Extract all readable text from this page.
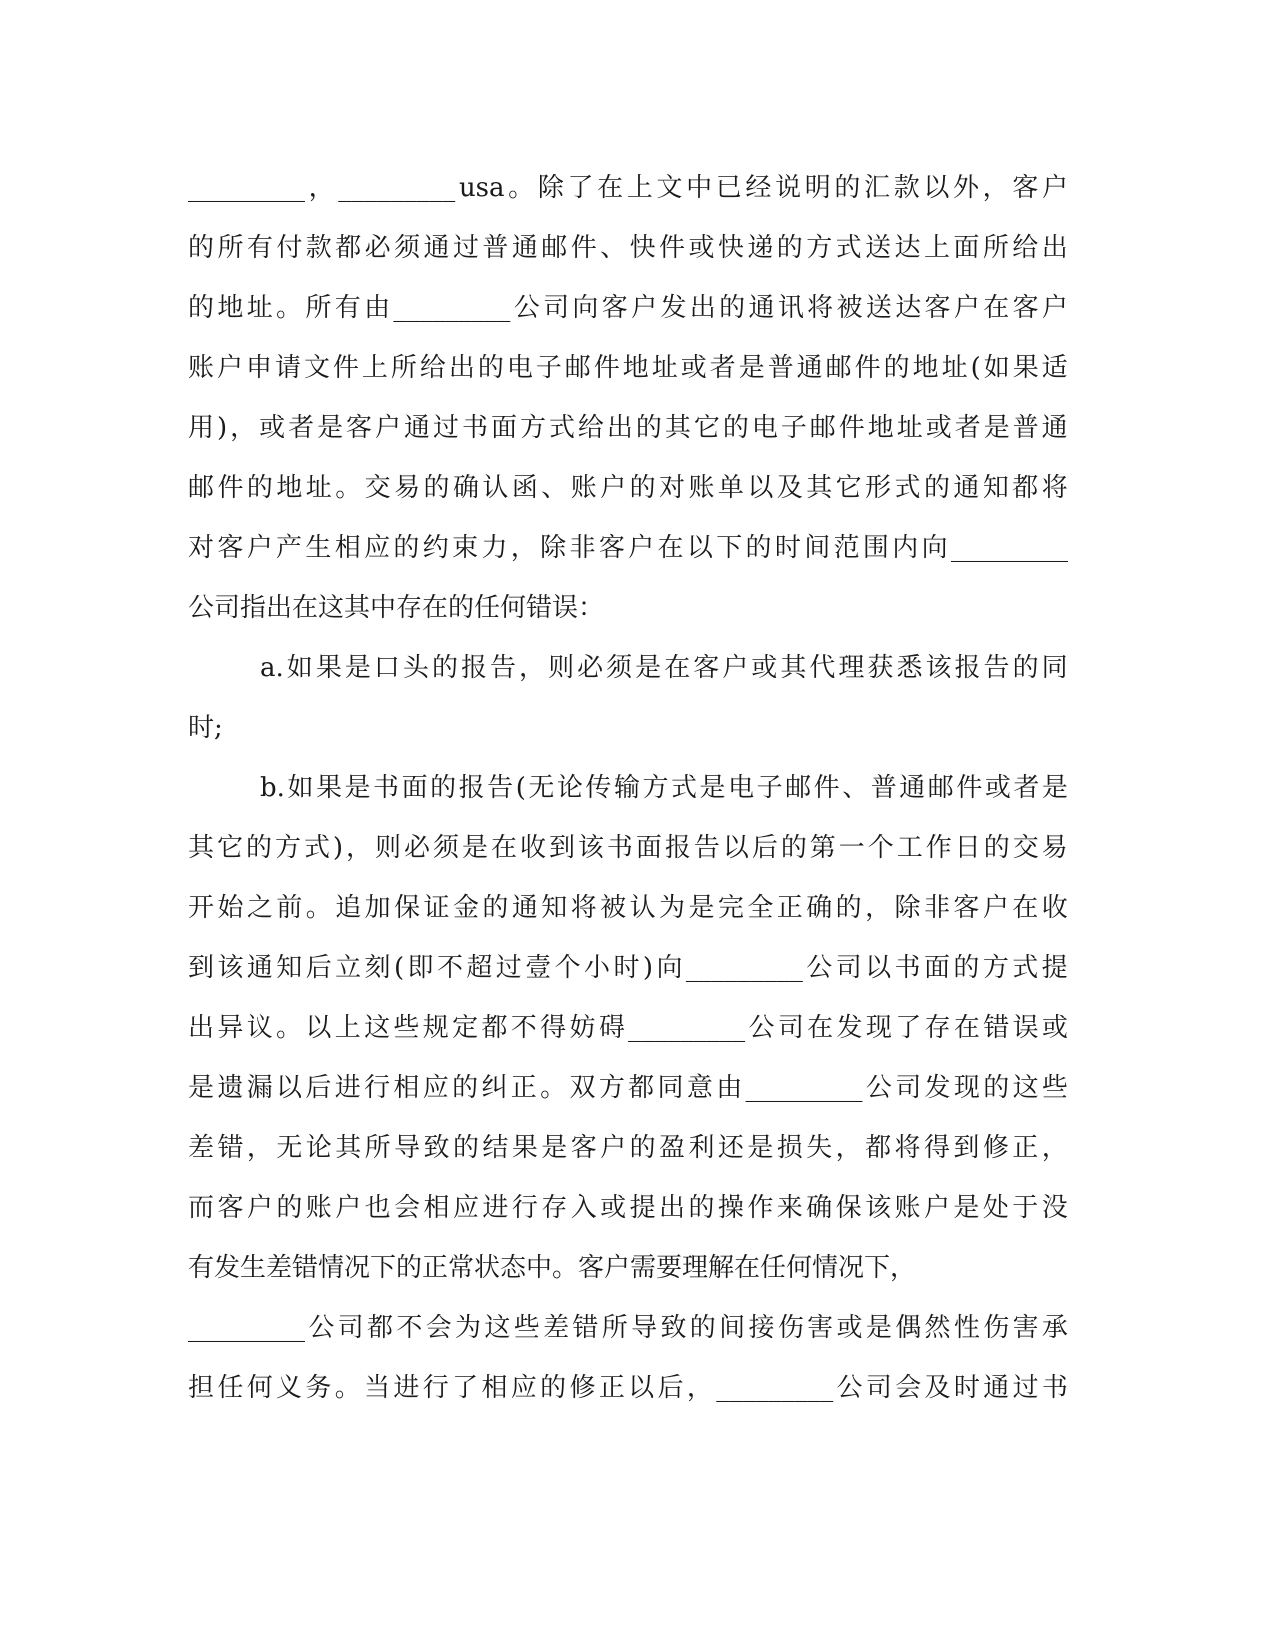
_________ ， _________ usa 。 除 了 在 上 文 中 已 经 说 明 的 汇 款 以 外 ， 客 户
的 所 有 付 款 都 必 须 通 过 普 通 邮 件 、 快 件 或 快 递 的 方 式 送 达 上 面 所 给 出
的 地 址 。 所 有 由 _________ 公 司 向 客 户 发 出 的 通 讯 将 被 送 达 客 户 在 客 户
账 户 申 请 文 件 上 所 给 出 的 电 子 邮 件 地 址 或 者 是 普 通 邮 件 的 地 址 ( 如 果 适
用 ) ， 或 者 是 客 户 通 过 书 面 方 式 给 出 的 其 它 的 电 子 邮 件 地 址 或 者 是 普 通
邮 件 的 地 址 。 交 易 的 确 认 函 、 账 户 的 对 账 单 以 及 其 它 形 式 的 通 知 都 将
对 客 户 产 生 相 应 的 约 束 力 ， 除 非 客 户 在 以 下 的 时 间 范 围 内 向 _________
公司指出在这其中存在的任何错误：
a. 如 果 是 口 头 的 报 告 ， 则 必 须 是 在 客 户 或 其 代 理 获 悉 该 报 告 的 同
时;
b. 如 果 是 书 面 的 报 告 ( 无 论 传 输 方 式 是 电 子 邮 件 、 普 通 邮 件 或 者 是
其 它 的 方 式 ) ， 则 必 须 是 在 收 到 该 书 面 报 告 以 后 的 第 一 个 工 作 日 的 交 易
开 始 之 前 。 追 加 保 证 金 的 通 知 将 被 认 为 是 完 全 正 确 的 ， 除 非 客 户 在 收
到 该 通 知 后 立 刻 ( 即 不 超 过 壹 个 小 时 ) 向 _________ 公 司 以 书 面 的 方 式 提
出 异 议 。 以 上 这 些 规 定 都 不 得 妨 碍 _________ 公 司 在 发 现 了 存 在 错 误 或
是 遗 漏 以 后 进 行 相 应 的 纠 正 。 双 方 都 同 意 由 _________ 公 司 发 现 的 这 些
差 错 ， 无 论 其 所 导 致 的 结 果 是 客 户 的 盈 利 还 是 损 失 ， 都 将 得 到 修 正 ，
而 客 户 的 账 户 也 会 相 应 进 行 存 入 或 提 出 的 操 作 来 确 保 该 账 户 是 处 于 没
有发生差错情况下的正常状态中。客户需要理解在任何情况下，
_________ 公 司 都 不 会 为 这 些 差 错 所 导 致 的 间 接 伤 害 或 是 偶 然 性 伤 害 承
担 任 何 义 务 。 当 进 行 了 相 应 的 修 正 以 后 ， _________ 公 司 会 及 时 通 过 书
